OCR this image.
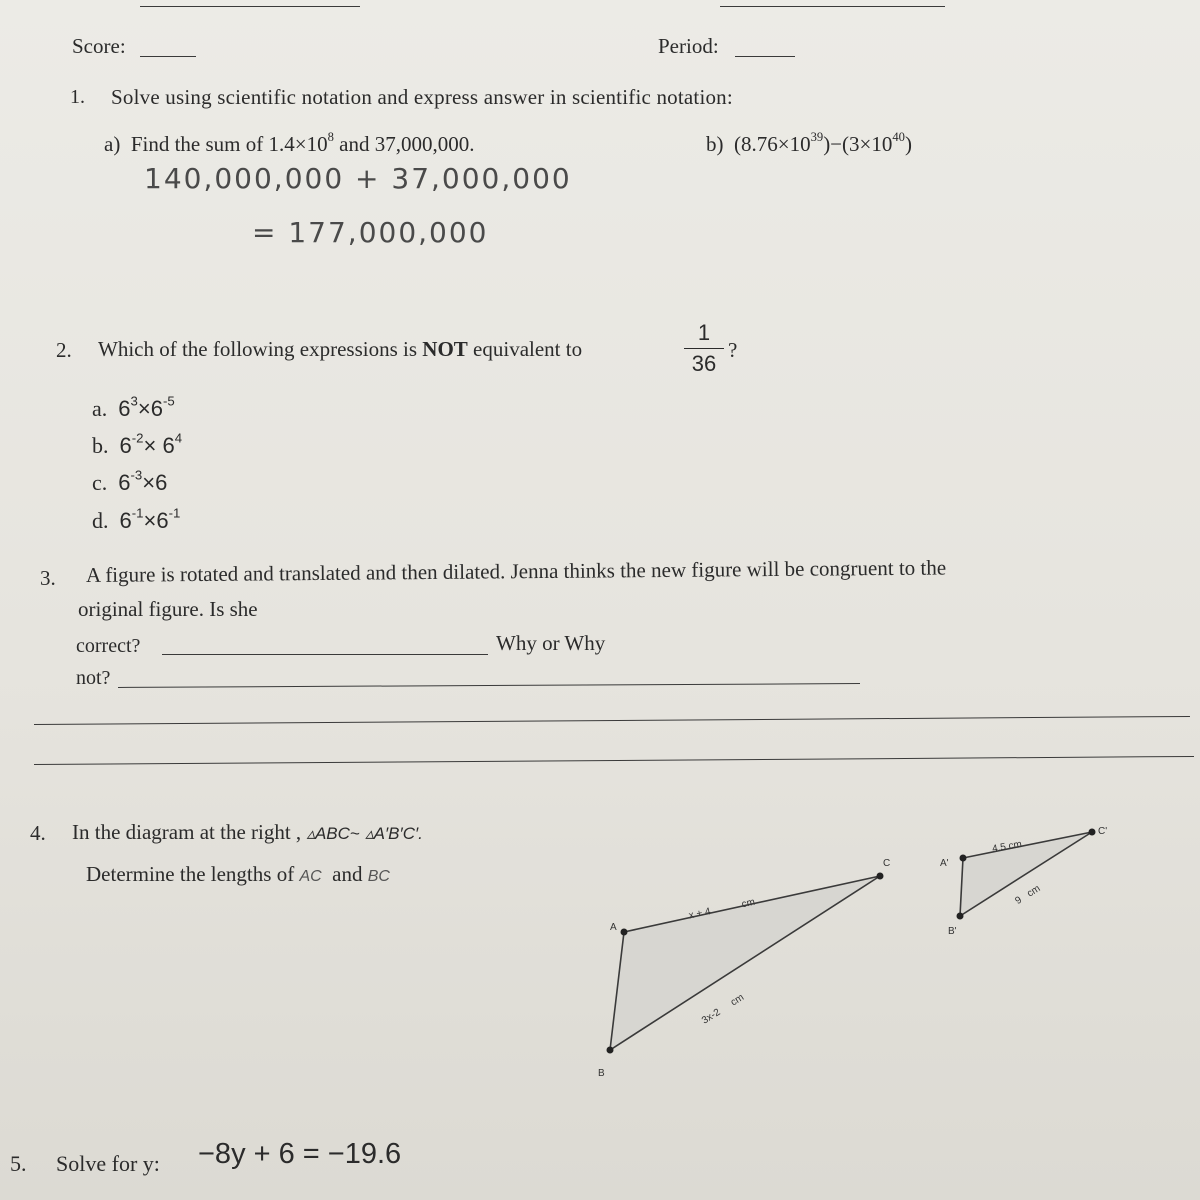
Score:	Period:
1. Solve using scientific notation and express answer in scientific notation:
a) Find the sum of $1.4\times 10^8$ and 37,000,000.	b) $(8.76\times 10^{39})-(3\times 10^{40})$
140,000,000 + 37,000,000
= 177,000,000
2. Which of the following expressions is NOT equivalent to
1
36
?
a. $6^3\times 6^{-5}$
b. $6^{-2}\times 6^4$
c. $6^{-3}\times 6$
d. $6^{-1}\times 6^{-1}$
3. A figure is rotated and translated and then dilated. Jenna thinks the new figure will be congruent to the
original figure. Is she
correct?	Why or Why
not?
4. In the diagram at the right , ▵ABC~ ▵A′B′C′.
Determine the lengths of AC and BC
A
C
B
x + 4
cm
3x-2
cm
A'
C'
B'
4.5 cm
9
cm
5. Solve for y: −8y + 6 = −19.6
